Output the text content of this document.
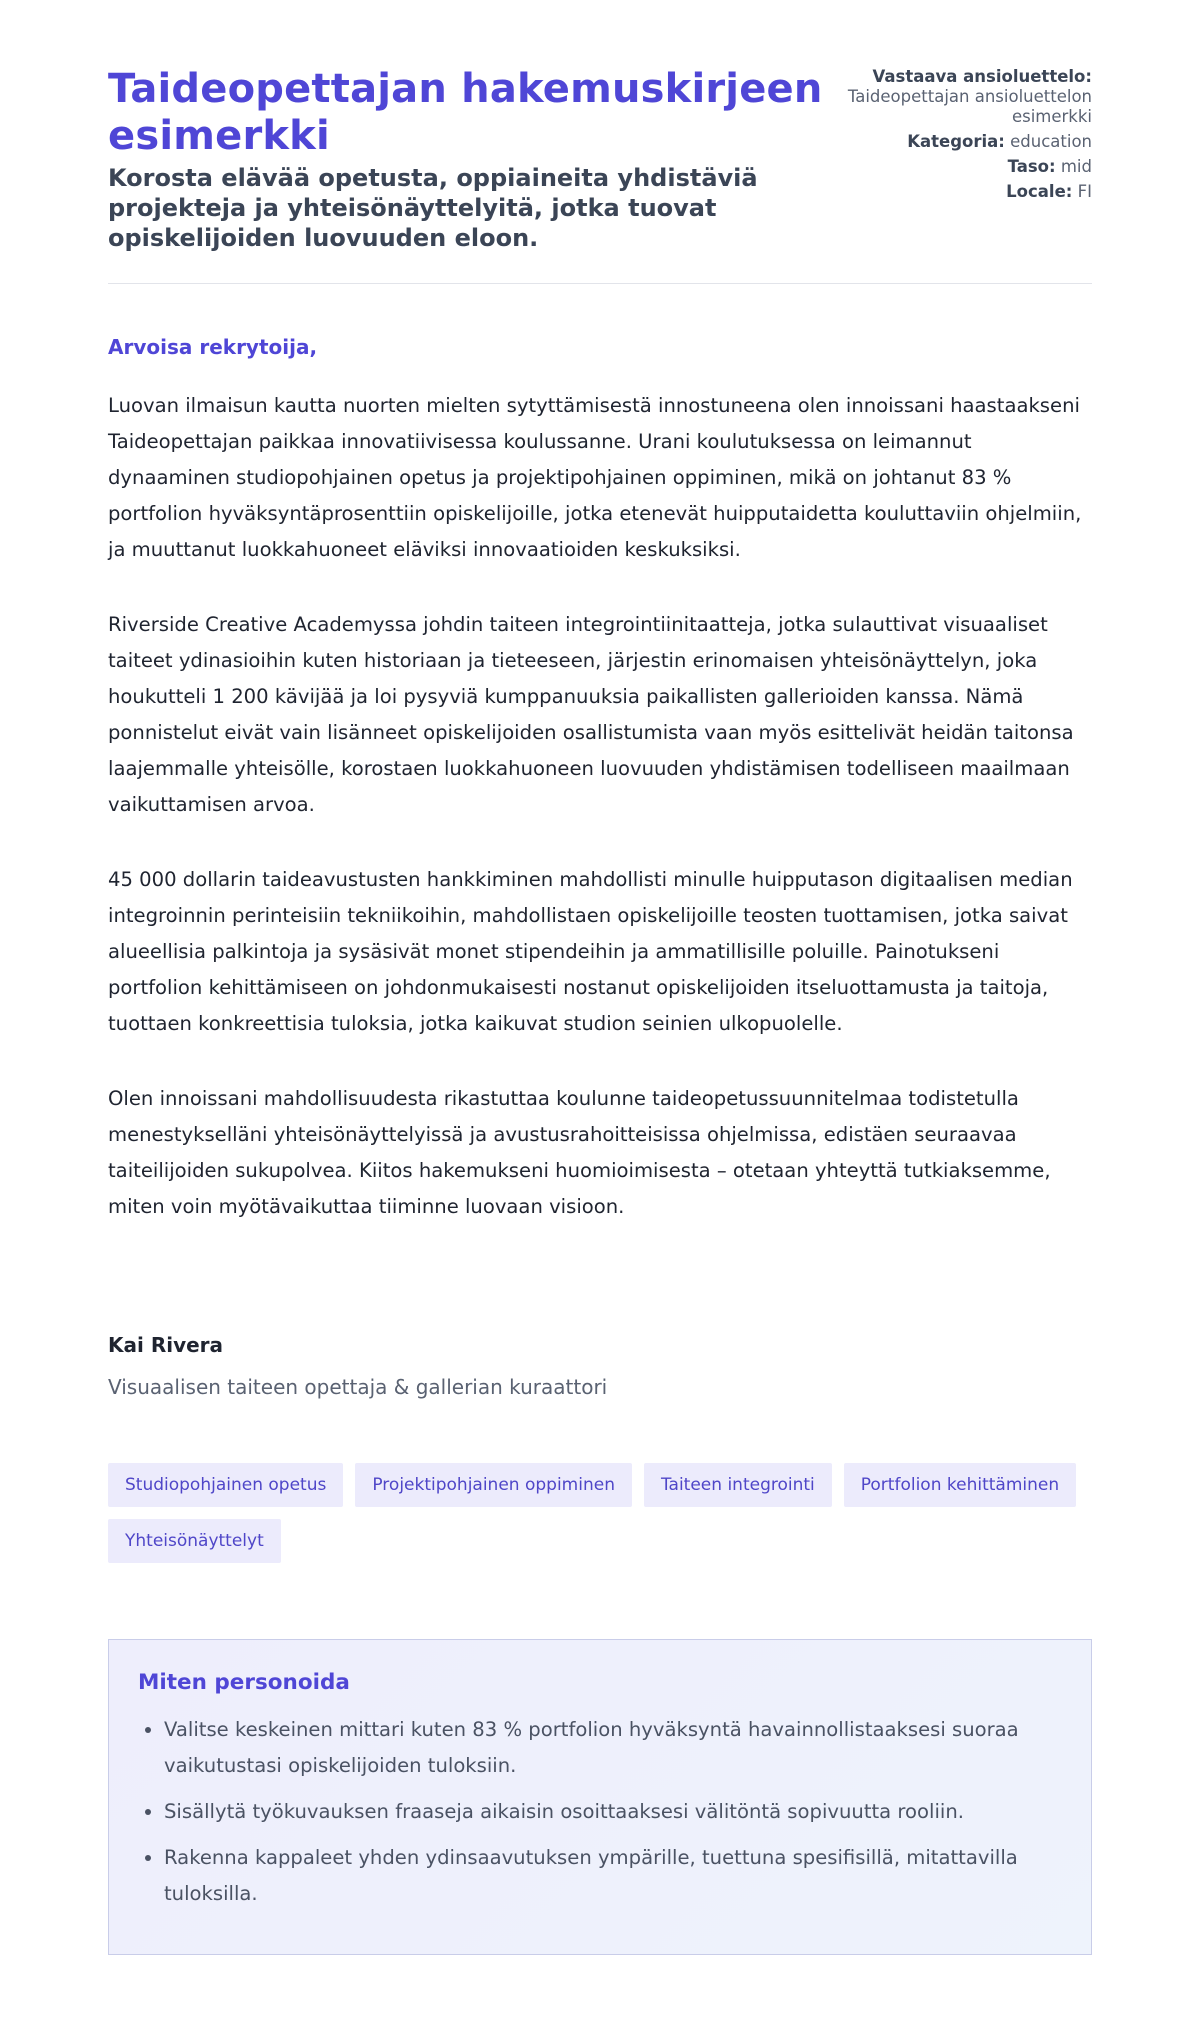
Taideopettajan hakemuskirjeen esimerkki
Korosta elävää opetusta, oppiaineita yhdistäviä projekteja ja yhteisönäyttelyitä, jotka tuovat opiskelijoiden luovuuden eloon.
Vastaava ansioluettelo:
Taideopettajan ansioluettelon esimerkki
Kategoria: education
Taso: mid
Locale: FI

Arvoisa rekrytoija,

Luovan ilmaisun kautta nuorten mielten sytyttämisestä innostuneena olen innoissani haastaakseni Taideopettajan paikkaa innovatiivisessa koulussanne. Urani koulutuksessa on leimannut dynaaminen studiopohjainen opetus ja projektipohjainen oppiminen, mikä on johtanut 83 % portfolion hyväksyntäprosenttiin opiskelijoille, jotka etenevät huipputaidetta kouluttaviin ohjelmiin, ja muuttanut luokkahuoneet eläviksi innovaatioiden keskuksiksi.

Riverside Creative Academyssa johdin taiteen integrointiinitaatteja, jotka sulauttivat visuaaliset taiteet ydinasioihin kuten historiaan ja tieteeseen, järjestin erinomaisen yhteisönäyttelyn, joka houkutteli 1 200 kävijää ja loi pysyviä kumppanuuksia paikallisten gallerioiden kanssa. Nämä ponnistelut eivät vain lisänneet opiskelijoiden osallistumista vaan myös esittelivät heidän taitonsa laajemmalle yhteisölle, korostaen luokkahuoneen luovuuden yhdistämisen todelliseen maailmaan vaikuttamisen arvoa.

45 000 dollarin taideavustusten hankkiminen mahdollisti minulle huipputason digitaalisen median integroinnin perinteisiin tekniikoihin, mahdollistaen opiskelijoille teosten tuottamisen, jotka saivat alueellisia palkintoja ja sysäsivät monet stipendeihin ja ammatillisille poluille. Painotukseni portfolion kehittämiseen on johdonmukaisesti nostanut opiskelijoiden itseluottamusta ja taitoja, tuottaen konkreettisia tuloksia, jotka kaikuvat studion seinien ulkopuolelle.

Olen innoissani mahdollisuudesta rikastuttaa koulunne taideopetussuunnitelmaa todistetulla menestykselläni yhteisönäyttelyissä ja avustusrahoitteisissa ohjelmissa, edistäen seuraavaa taiteilijoiden sukupolvea. Kiitos hakemukseni huomioimisesta – otetaan yhteyttä tutkiaksemme, miten voin myötävaikuttaa tiiminne luovaan visioon.

Kai Rivera

Visuaalisen taiteen opettaja & gallerian kuraattori

Studiopohjainen opetus	Projektipohjainen oppiminen	Taiteen integrointi	Portfolion kehittäminen
Yhteisönäyttelyt
Miten personoida
• Valitse keskeinen mittari kuten 83 % portfolion hyväksyntä havainnollistaaksesi suoraa vaikutustasi opiskelijoiden tuloksiin.
• Sisällytä työkuvauksen fraaseja aikaisin osoittaaksesi välitöntä sopivuutta rooliin.
• Rakenna kappaleet yhden ydinsaavutuksen ympärille, tuettuna spesifisillä, mitattavilla tuloksilla.
